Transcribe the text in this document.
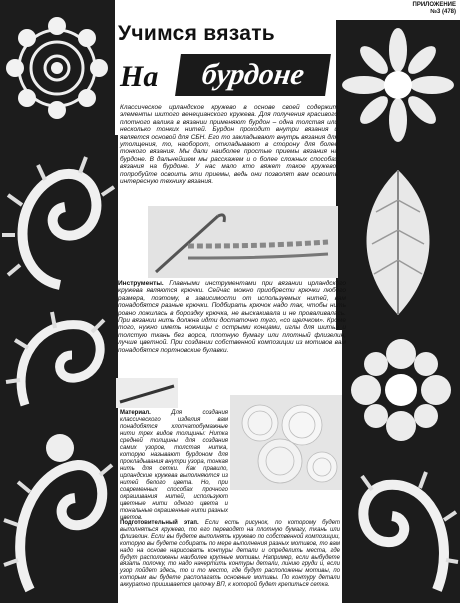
ПРИЛОЖЕНИЕ
№3 (478)
Учимся вязать
На	бурдоне
Классическое ирландское кружево в основе своей содержит элементы шитого венецианского кружева. Для получения красивого плотного валика в вязании применяют бурдон – одна толстая или несколько тонких нитей. Бурдон проходит внутри вязания и является основой для СБН. Его то закладывают внутрь вязания для утолщения, то, наоборот, откладывают в сторону для более тонкого вязания. Мы дали наиболее простые приемы вязания на бурдоне. В дальнейшем мы расскажем и о более сложных способах вязания на бурдоне. У нас мало кто вяжет такое кружево, попробуйте освоить эти приемы, ведь они позволят вам освоить интересную технику вязания.
Инструменты. Главными инструментами при вязании ирландского кружева являются крючки. Сейчас можно приобрести крючки любого размера, поэтому, в зависимости от используемых нитей, вам понадобятся разные крючки. Подбирать крючок надо так, чтобы нить ровно ложилась в бороздку крючка, не выскакивала и не проваливалась. При вязании нить должна идти достаточно туго, «со щелчком». Кроме того, нужно иметь ножницы с острыми концами, иглы для шитья и толстую ткань без ворса, плотную бумагу или плотный флизелин, лучше цветной. При создании собственной композиции из мотивов вам понадобятся портновские булавки.
Материал.	Для создания классического изделия вам понадобятся хлопчатобумажные нити трех видов толщины: Нитка средней толщины для создания самих узоров, толстая нитка, которую называют бурдоном для прокладывания внутри узора, тонкая нить для сетки. Как правило, ирландские кружева выполняются из нитей белого цвета. Но, при современных способах прочного окрашивания нитей, используют цветные нити одного цвета и тональные окрашенные нити разных цветов.
Подготовительный этап. Если есть рисунок, по которому будет выполняться кружево, то его переводят на плотную бумагу, ткань или флизелин. Если вы будете выполнять кружево по собственной композиции, которую вы будете собирать по мере выполнения разных мотивов, то вам надо на основе нарисовать контуры детали и определить места, где будут расположены наиболее крупные мотивы. Например, если выбудете вязать полочку, то надо начертить контуры детали, линию груди и, если узор пойдет здесь, то и то место, где будут расположены мотивы, по которым вы будете располагать основные мотивы. По контуру детали аккуратно пришивается цепочку ВП, к которой будет крепиться сетка.
